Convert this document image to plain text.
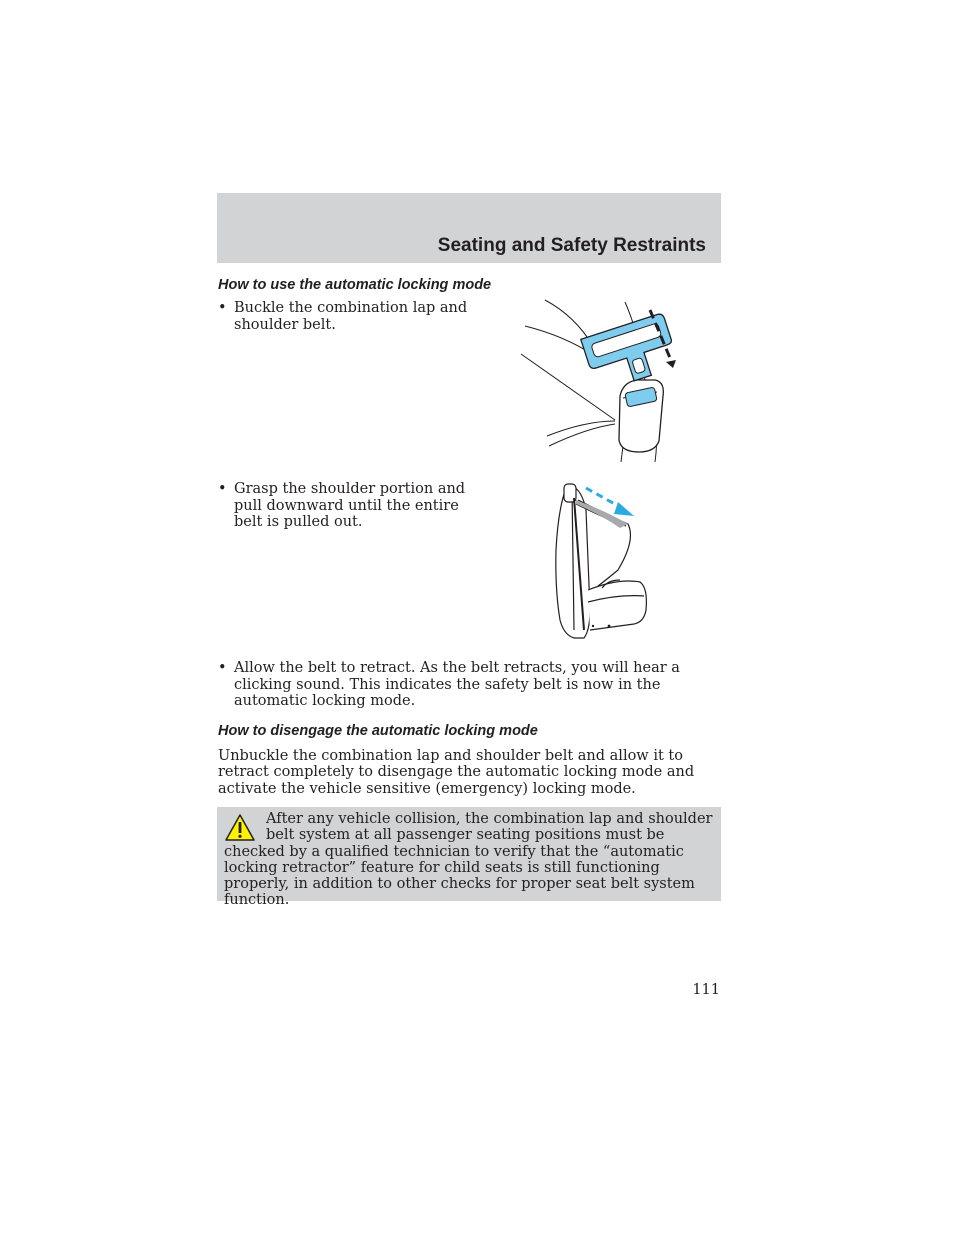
Seating and Safety Restraints
How to use the automatic locking mode
• Buckle the combination lap and shoulder belt.
• Grasp the shoulder portion and pull downward until the entire belt is pulled out.
• Allow the belt to retract. As the belt retracts, you will hear a clicking sound. This indicates the safety belt is now in the automatic locking mode.
How to disengage the automatic locking mode

Unbuckle the combination lap and shoulder belt and allow it to retract completely to disengage the automatic locking mode and activate the vehicle sensitive (emergency) locking mode.

After any vehicle collision, the combination lap and shoulder belt system at all passenger seating positions must be checked by a qualified technician to verify that the “automatic locking retractor” feature for child seats is still functioning properly, in addition to other checks for proper seat belt system function.

111
